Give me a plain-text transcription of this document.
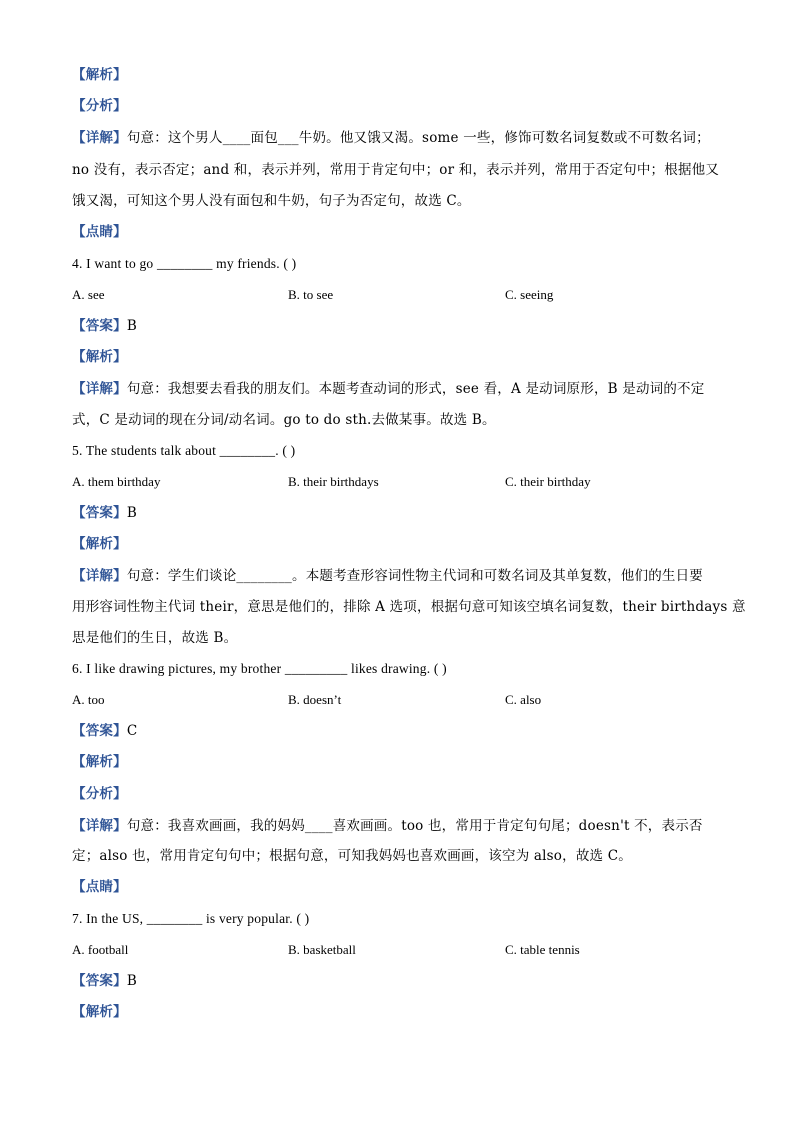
【解析】
【分析】
【详解】句意：这个男人____面包___牛奶。他又饿又渴。some 一些，修饰可数名词复数或不可数名词；
no 没有，表示否定；and 和，表示并列，常用于肯定句中；or 和，表示并列，常用于否定句中；根据他又
饿又渴，可知这个男人没有面包和牛奶，句子为否定句，故选 C。
【点睛】
4. I want to go ________ my friends. ( )
A. see	B. to see	C. seeing
【答案】B
【解析】
【详解】句意：我想要去看我的朋友们。本题考查动词的形式，see 看，A 是动词原形，B 是动词的不定
式，C 是动词的现在分词/动名词。go to do sth.去做某事。故选 B。
5. The students talk about ________. ( )
A. them birthday	B. their birthdays	C. their birthday
【答案】B
【解析】
【详解】句意：学生们谈论________。本题考查形容词性物主代词和可数名词及其单复数，他们的生日要
用形容词性物主代词 their，意思是他们的，排除 A 选项，根据句意可知该空填名词复数，their birthdays 意
思是他们的生日，故选 B。
6. I like drawing pictures, my brother _________ likes drawing. ( )
A. too	B. doesn’t	C. also
【答案】C
【解析】
【分析】
【详解】句意：我喜欢画画，我的妈妈____喜欢画画。too 也，常用于肯定句句尾；doesn't 不，表示否
定；also 也，常用肯定句句中；根据句意，可知我妈妈也喜欢画画，该空为 also，故选 C。
【点睛】
7. In the US, ________ is very popular. ( )
A. football	B. basketball	C. table tennis
【答案】B
【解析】
